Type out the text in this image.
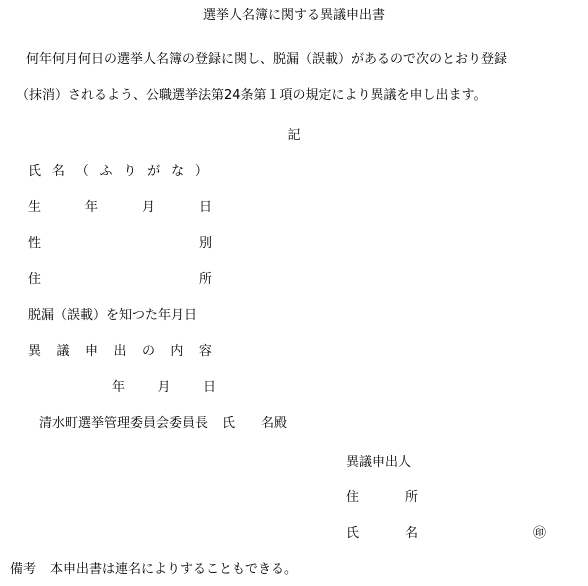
選挙人名簿に関する異議申出書
何年何月何日の選挙人名簿の登録に関し、脱漏（誤載）があるので次のとおり登録
（抹消）されるよう、公職選挙法第24条第１項の規定により異議を申し出ます。
記
氏 名 （ ふ り が な ）
生	年	月	日
性	別
住	所
脱漏（誤載）を知つた年月日
異 議 申 出 の 内 容
年 月 日
清水町選挙管理委員会委員長 氏 名殿
異議申出人
住	所
氏	名	㊞
備考 本申出書は連名によりすることもできる。
